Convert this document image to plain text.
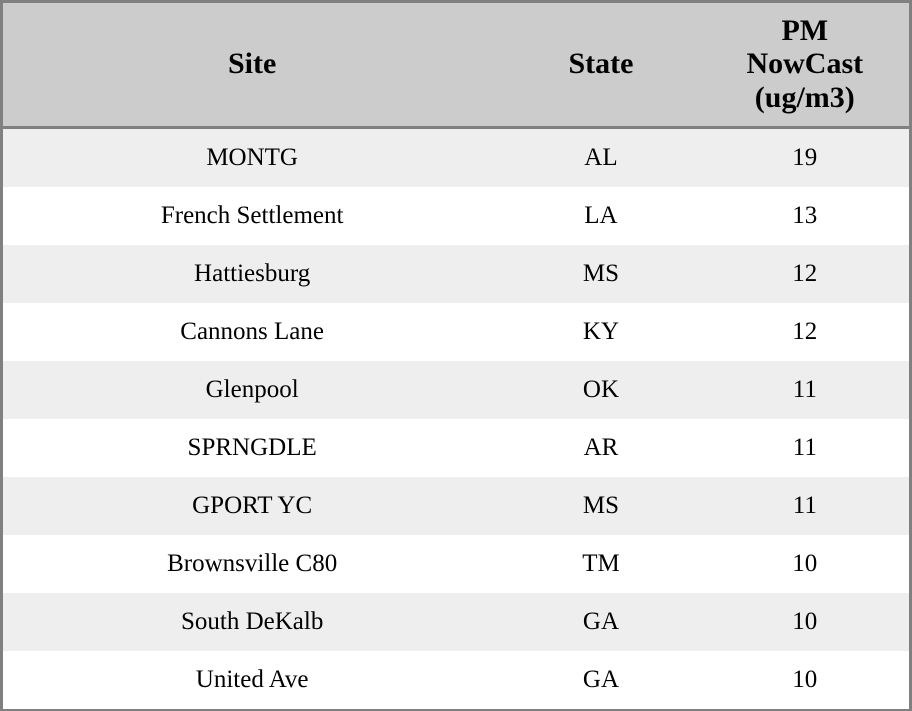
Site	State	PM
NowCast
(ug/m3)

MONTG	AL	19
French Settlement	LA	13
Hattiesburg	MS	12
Cannons Lane	KY	12
Glenpool	OK	11
SPRNGDLE	AR	11
GPORT YC	MS	11
Brownsville C80	TM	10
South DeKalb	GA	10
United Ave	GA	10
